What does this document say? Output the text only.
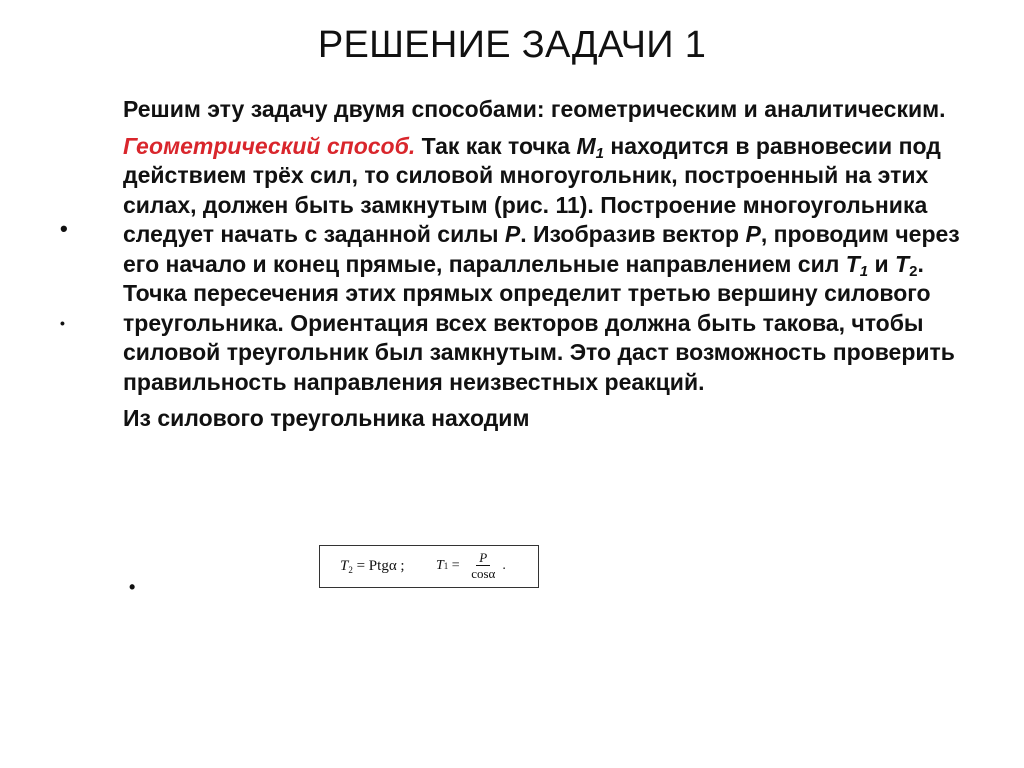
РЕШЕНИЕ ЗАДАЧИ 1
•
•
•

Решим эту задачу двумя способами: геометрическим и аналитическим.

Геометрический способ. Так как точка $M_1$ находится в равновесии под действием трёх сил, то силовой многоугольник, построенный на этих силах, должен быть замкнутым (рис. 11). Построение многоугольника следует начать с заданной силы P. Изобразив вектор P, проводим через его начало и конец прямые, параллельные направлением сил $T_1$ и $T_2$. Точка пересечения этих прямых определит третью вершину силового треугольника. Ориентация всех векторов должна быть такова, чтобы силовой треугольник был замкнутым. Это даст возможность проверить правильность направления неизвестных реакций.

Из силового треугольника находим

$T_2 = Ptg\alpha$ ; T $1 = \frac{P}{\cos\alpha}$ .
